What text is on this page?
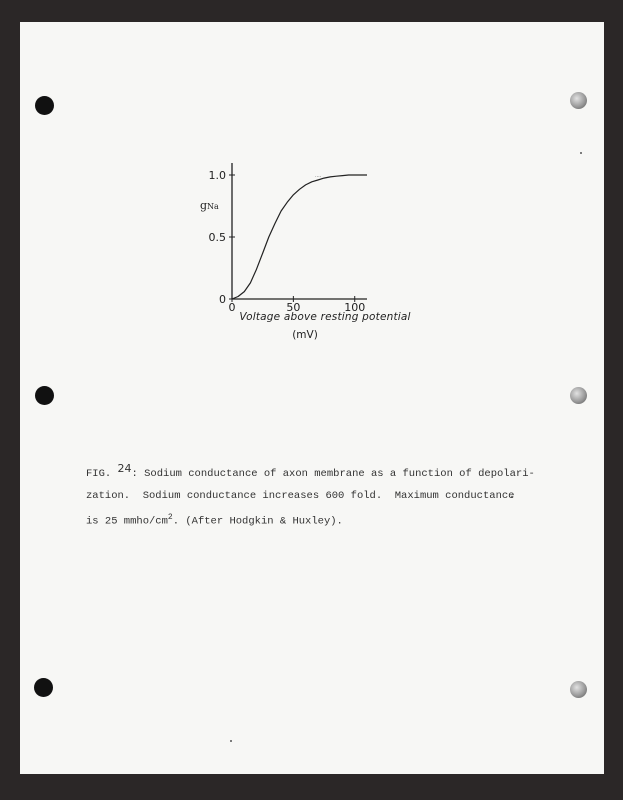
0
0.5
1.0
0	50	100
....
gNa
Voltage above resting potential
(mV)
FIG. 24: Sodium conductance of axon membrane as a function of depolari-
zation.  Sodium conductance increases 600 fold.  Maximum conductance
is 25 mmho/$cm^2$. (After Hodgkin & Huxley).
